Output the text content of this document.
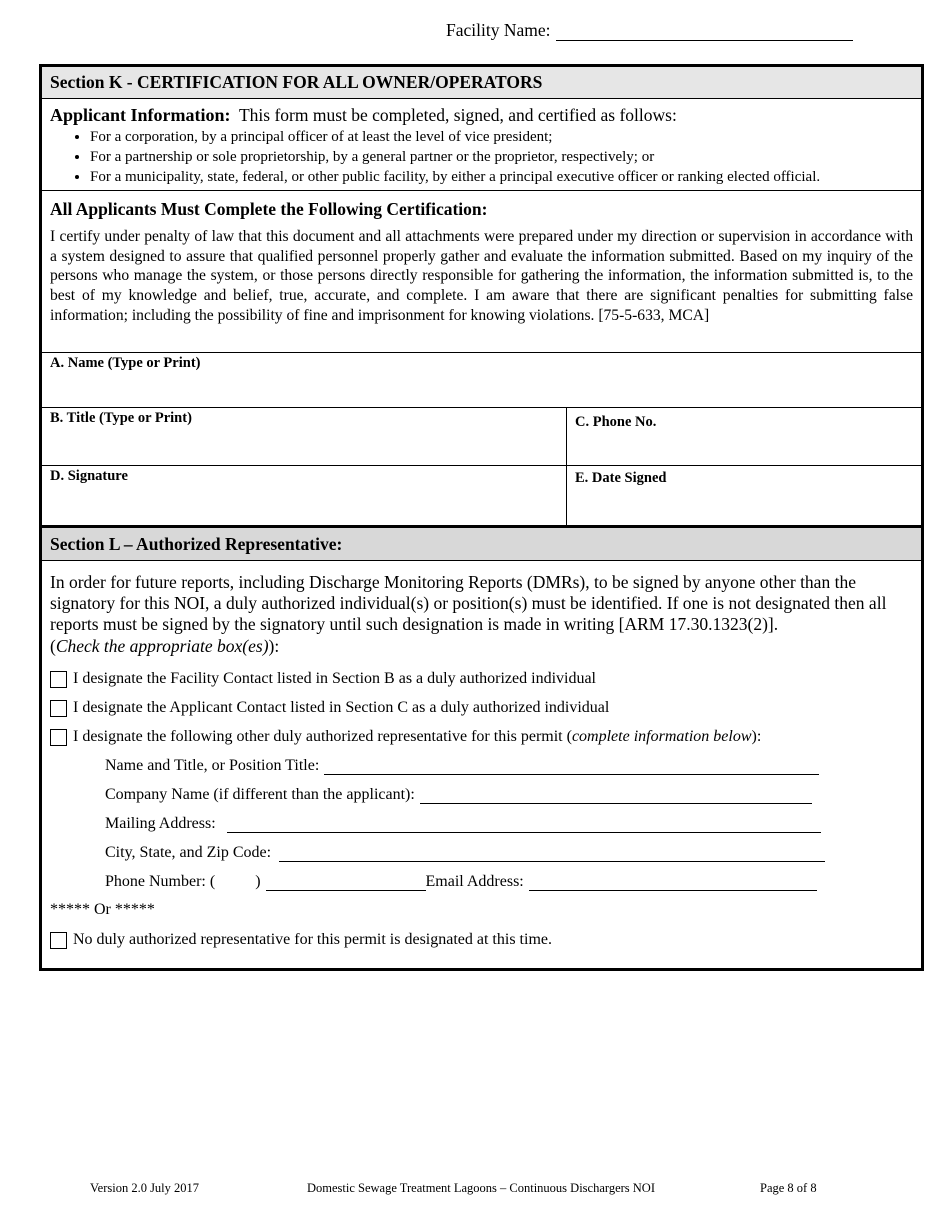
Facility Name:
Section K - CERTIFICATION FOR ALL OWNER/OPERATORS
Applicant Information: This form must be completed, signed, and certified as follows:
• For a corporation, by a principal officer of at least the level of vice president;
• For a partnership or sole proprietorship, by a general partner or the proprietor, respectively; or
• For a municipality, state, federal, or other public facility, by either a principal executive officer or ranking elected official.
All Applicants Must Complete the Following Certification:

I certify under penalty of law that this document and all attachments were prepared under my direction or supervision in accordance with a system designed to assure that qualified personnel properly gather and evaluate the information submitted. Based on my inquiry of the persons who manage the system, or those persons directly responsible for gathering the information, the information submitted is, to the best of my knowledge and belief, true, accurate, and complete. I am aware that there are significant penalties for submitting false information; including the possibility of fine and imprisonment for knowing violations. [75-5-633, MCA]

A. Name (Type or Print)
B. Title (Type or Print)	C. Phone No.
D. Signature	E. Date Signed
Section L – Authorized Representative:

In order for future reports, including Discharge Monitoring Reports (DMRs), to be signed by anyone other than the signatory for this NOI, a duly authorized individual(s) or position(s) must be identified. If one is not designated then all reports must be signed by the signatory until such designation is made in writing [ARM 17.30.1323(2)].
(Check the appropriate box(es)):

I designate the Facility Contact listed in Section B as a duly authorized individual
I designate the Applicant Contact listed in Section C as a duly authorized individual
I designate the following other duly authorized representative for this permit (complete information below):
Name and Title, or Position Title:
Company Name (if different than the applicant):
Mailing Address:
City, State, and Zip Code:
Phone Number: (	)	Email Address:
***** Or *****
No duly authorized representative for this permit is designated at this time.
Version 2.0 July 2017	Domestic Sewage Treatment Lagoons – Continuous Dischargers NOI	Page 8 of 8
